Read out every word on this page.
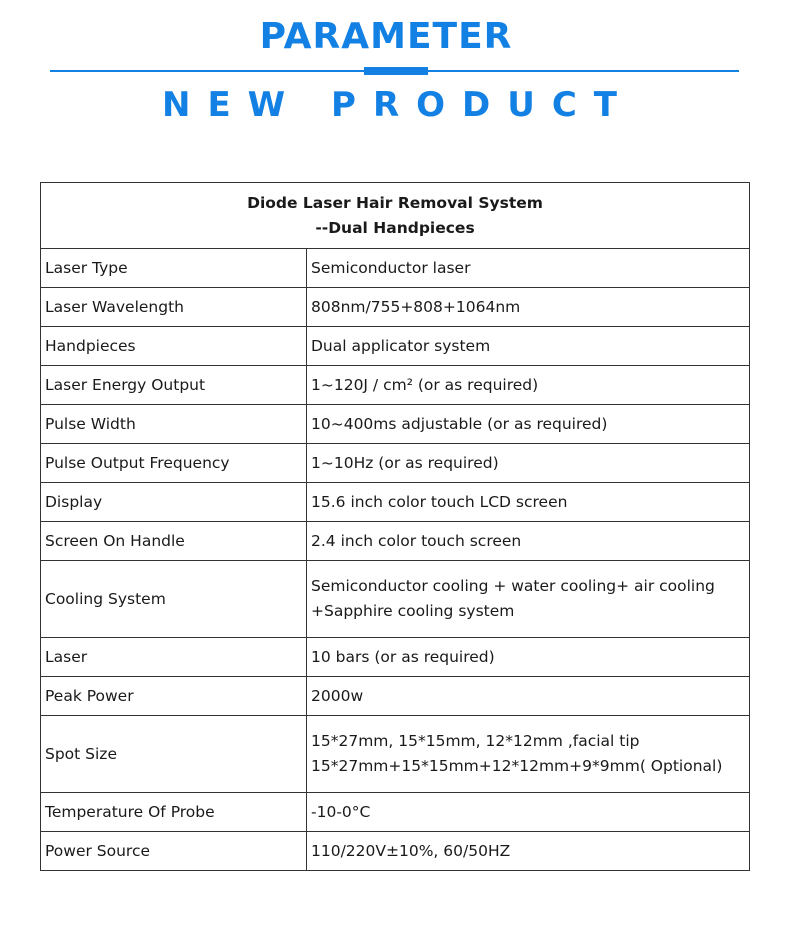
PARAMETER
NEW PRODUCT
Diode Laser Hair Removal System
--Dual Handpieces	

Laser Type	Semiconductor laser

Laser Wavelength	808nm/755+808+1064nm

Handpieces	Dual applicator system

Laser Energy Output	1~120J / cm² (or as required)

Pulse Width	10~400ms adjustable (or as required)

Pulse Output Frequency	1~10Hz (or as required)

Display	15.6 inch color touch LCD screen

Screen On Handle	2.4 inch color touch screen

Cooling System	Semiconductor cooling + water cooling+ air cooling
+Sapphire cooling system

Laser	10 bars (or as required)

Peak Power	2000w

Spot Size	15*27mm, 15*15mm, 12*12mm ,facial tip
15*27mm+15*15mm+12*12mm+9*9mm( Optional)

Temperature Of Probe	-10-0°C

Power Source	110/220V±10%, 60/50HZ
